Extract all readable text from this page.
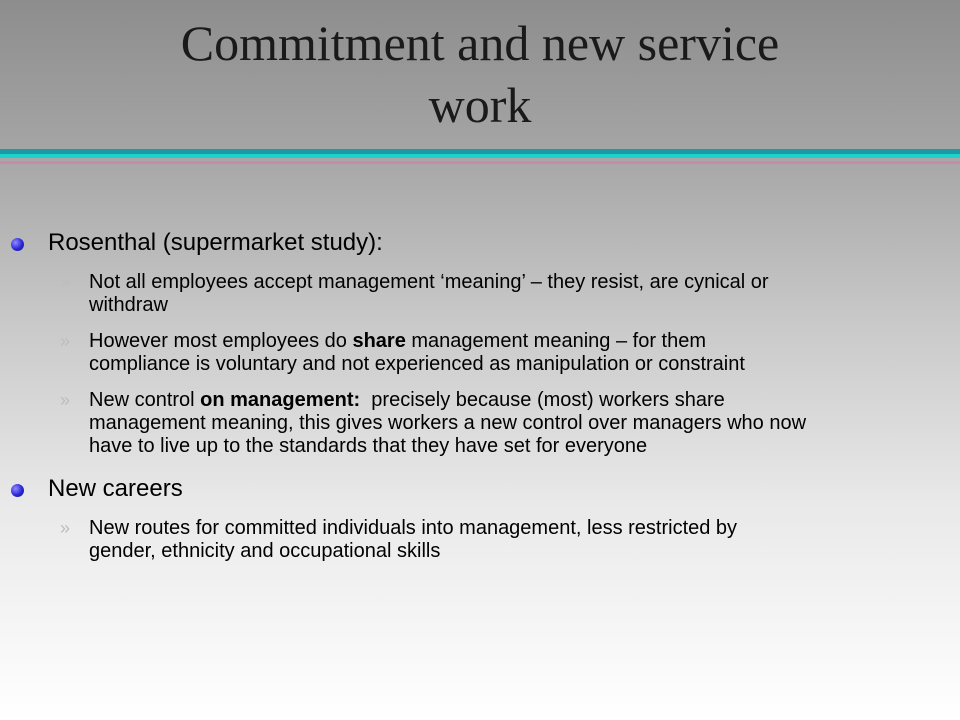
Commitment and new service
work
Rosenthal (supermarket study):
» Not all employees accept management ‘meaning’ – they resist, are cynical or withdraw
» However most employees do share management meaning – for them compliance is voluntary and not experienced as manipulation or constraint
» New control on management:  precisely because (most) workers share management meaning, this gives workers a new control over managers who now have to live up to the standards that they have set for everyone
New careers
» New routes for committed individuals into management, less restricted by gender, ethnicity and occupational skills
